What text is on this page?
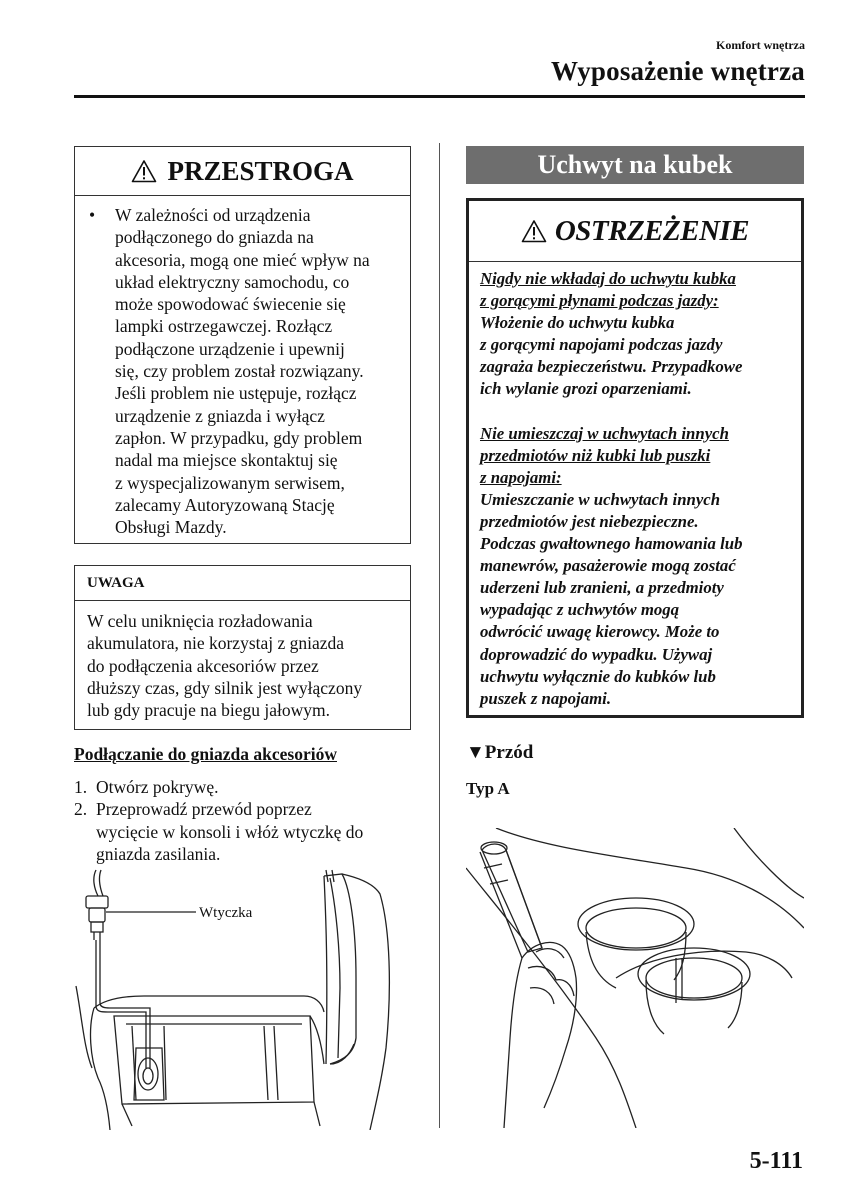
Komfort wnętrza
Wyposażenie wnętrza
PRZESTROGA
•	W zależności od urządzenia
podłączonego do gniazda na
akcesoria, mogą one mieć wpływ na
układ elektryczny samochodu, co
może spowodować świecenie się
lampki ostrzegawczej. Rozłącz
podłączone urządzenie i upewnij
się, czy problem został rozwiązany.
Jeśli problem nie ustępuje, rozłącz
urządzenie z gniazda i wyłącz
zapłon. W przypadku, gdy problem
nadal ma miejsce skontaktuj się
z wyspecjalizowanym serwisem,
zalecamy Autoryzowaną Stację
Obsługi Mazdy.
UWAGA
W celu uniknięcia rozładowania
akumulatora, nie korzystaj z gniazda
do podłączenia akcesoriów przez
dłuższy czas, gdy silnik jest wyłączony
lub gdy pracuje na biegu jałowym.
Podłączanie do gniazda akcesoriów
1. Otwórz pokrywę.
2. Przeprowadź przewód poprzez
wycięcie w konsoli i włóż wtyczkę do
gniazda zasilania.
Wtyczka
Uchwyt na kubek
OSTRZEŻENIE
Nigdy nie wkładaj do uchwytu kubka
z gorącymi płynami podczas jazdy:
Włożenie do uchwytu kubka
z gorącymi napojami podczas jazdy
zagraża bezpieczeństwu. Przypadkowe
ich wylanie grozi oparzeniami.
Nie umieszczaj w uchwytach innych
przedmiotów niż kubki lub puszki
z napojami:
Umieszczanie w uchwytach innych
przedmiotów jest niebezpieczne.
Podczas gwałtownego hamowania lub
manewrów, pasażerowie mogą zostać
uderzeni lub zranieni, a przedmioty
wypadając z uchwytów mogą
odwrócić uwagę kierowcy. Może to
doprowadzić do wypadku. Używaj
uchwytu wyłącznie do kubków lub
puszek z napojami.
▼Przód
Typ A
5-111
